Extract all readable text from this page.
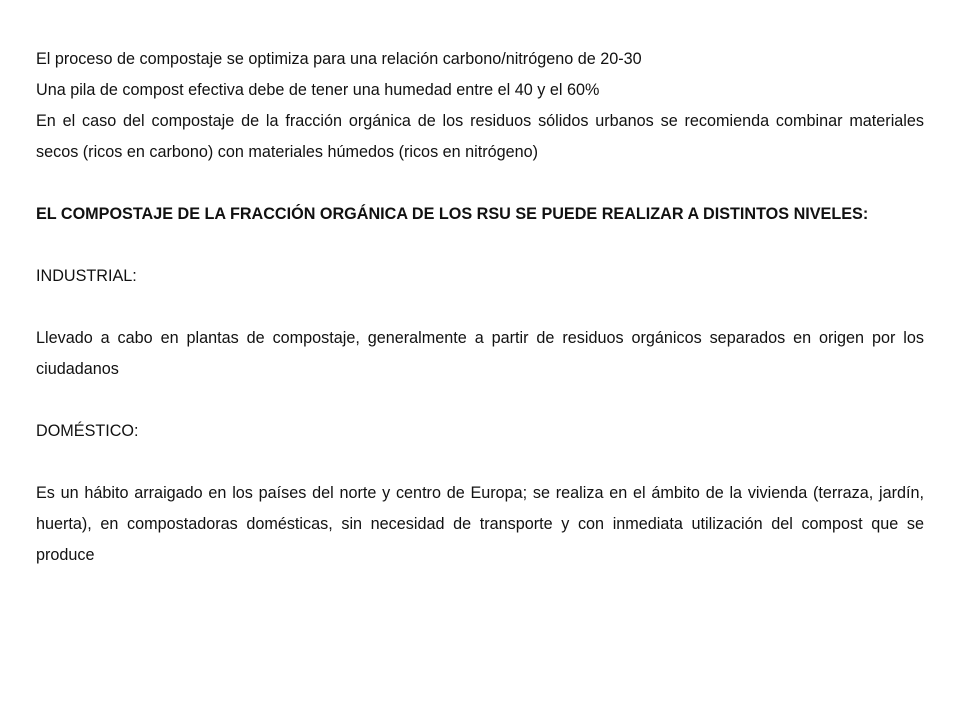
El proceso de compostaje se optimiza para una relación carbono/nitrógeno de 20-30

Una pila de compost efectiva debe de tener una humedad entre el 40 y el 60%

En el caso del compostaje de la fracción orgánica de los residuos sólidos urbanos se recomienda combinar materiales secos (ricos en carbono) con materiales húmedos (ricos en nitrógeno)

EL COMPOSTAJE DE LA FRACCIÓN ORGÁNICA DE LOS RSU SE PUEDE REALIZAR A DISTINTOS NIVELES:

INDUSTRIAL:

Llevado a cabo en plantas de compostaje, generalmente a partir de residuos orgánicos separados en origen por los ciudadanos

DOMÉSTICO:

Es un hábito arraigado en los países del norte y centro de Europa; se realiza en el ámbito de la vivienda (terraza, jardín, huerta), en compostadoras domésticas, sin necesidad de transporte y con inmediata utilización del compost que se produce
